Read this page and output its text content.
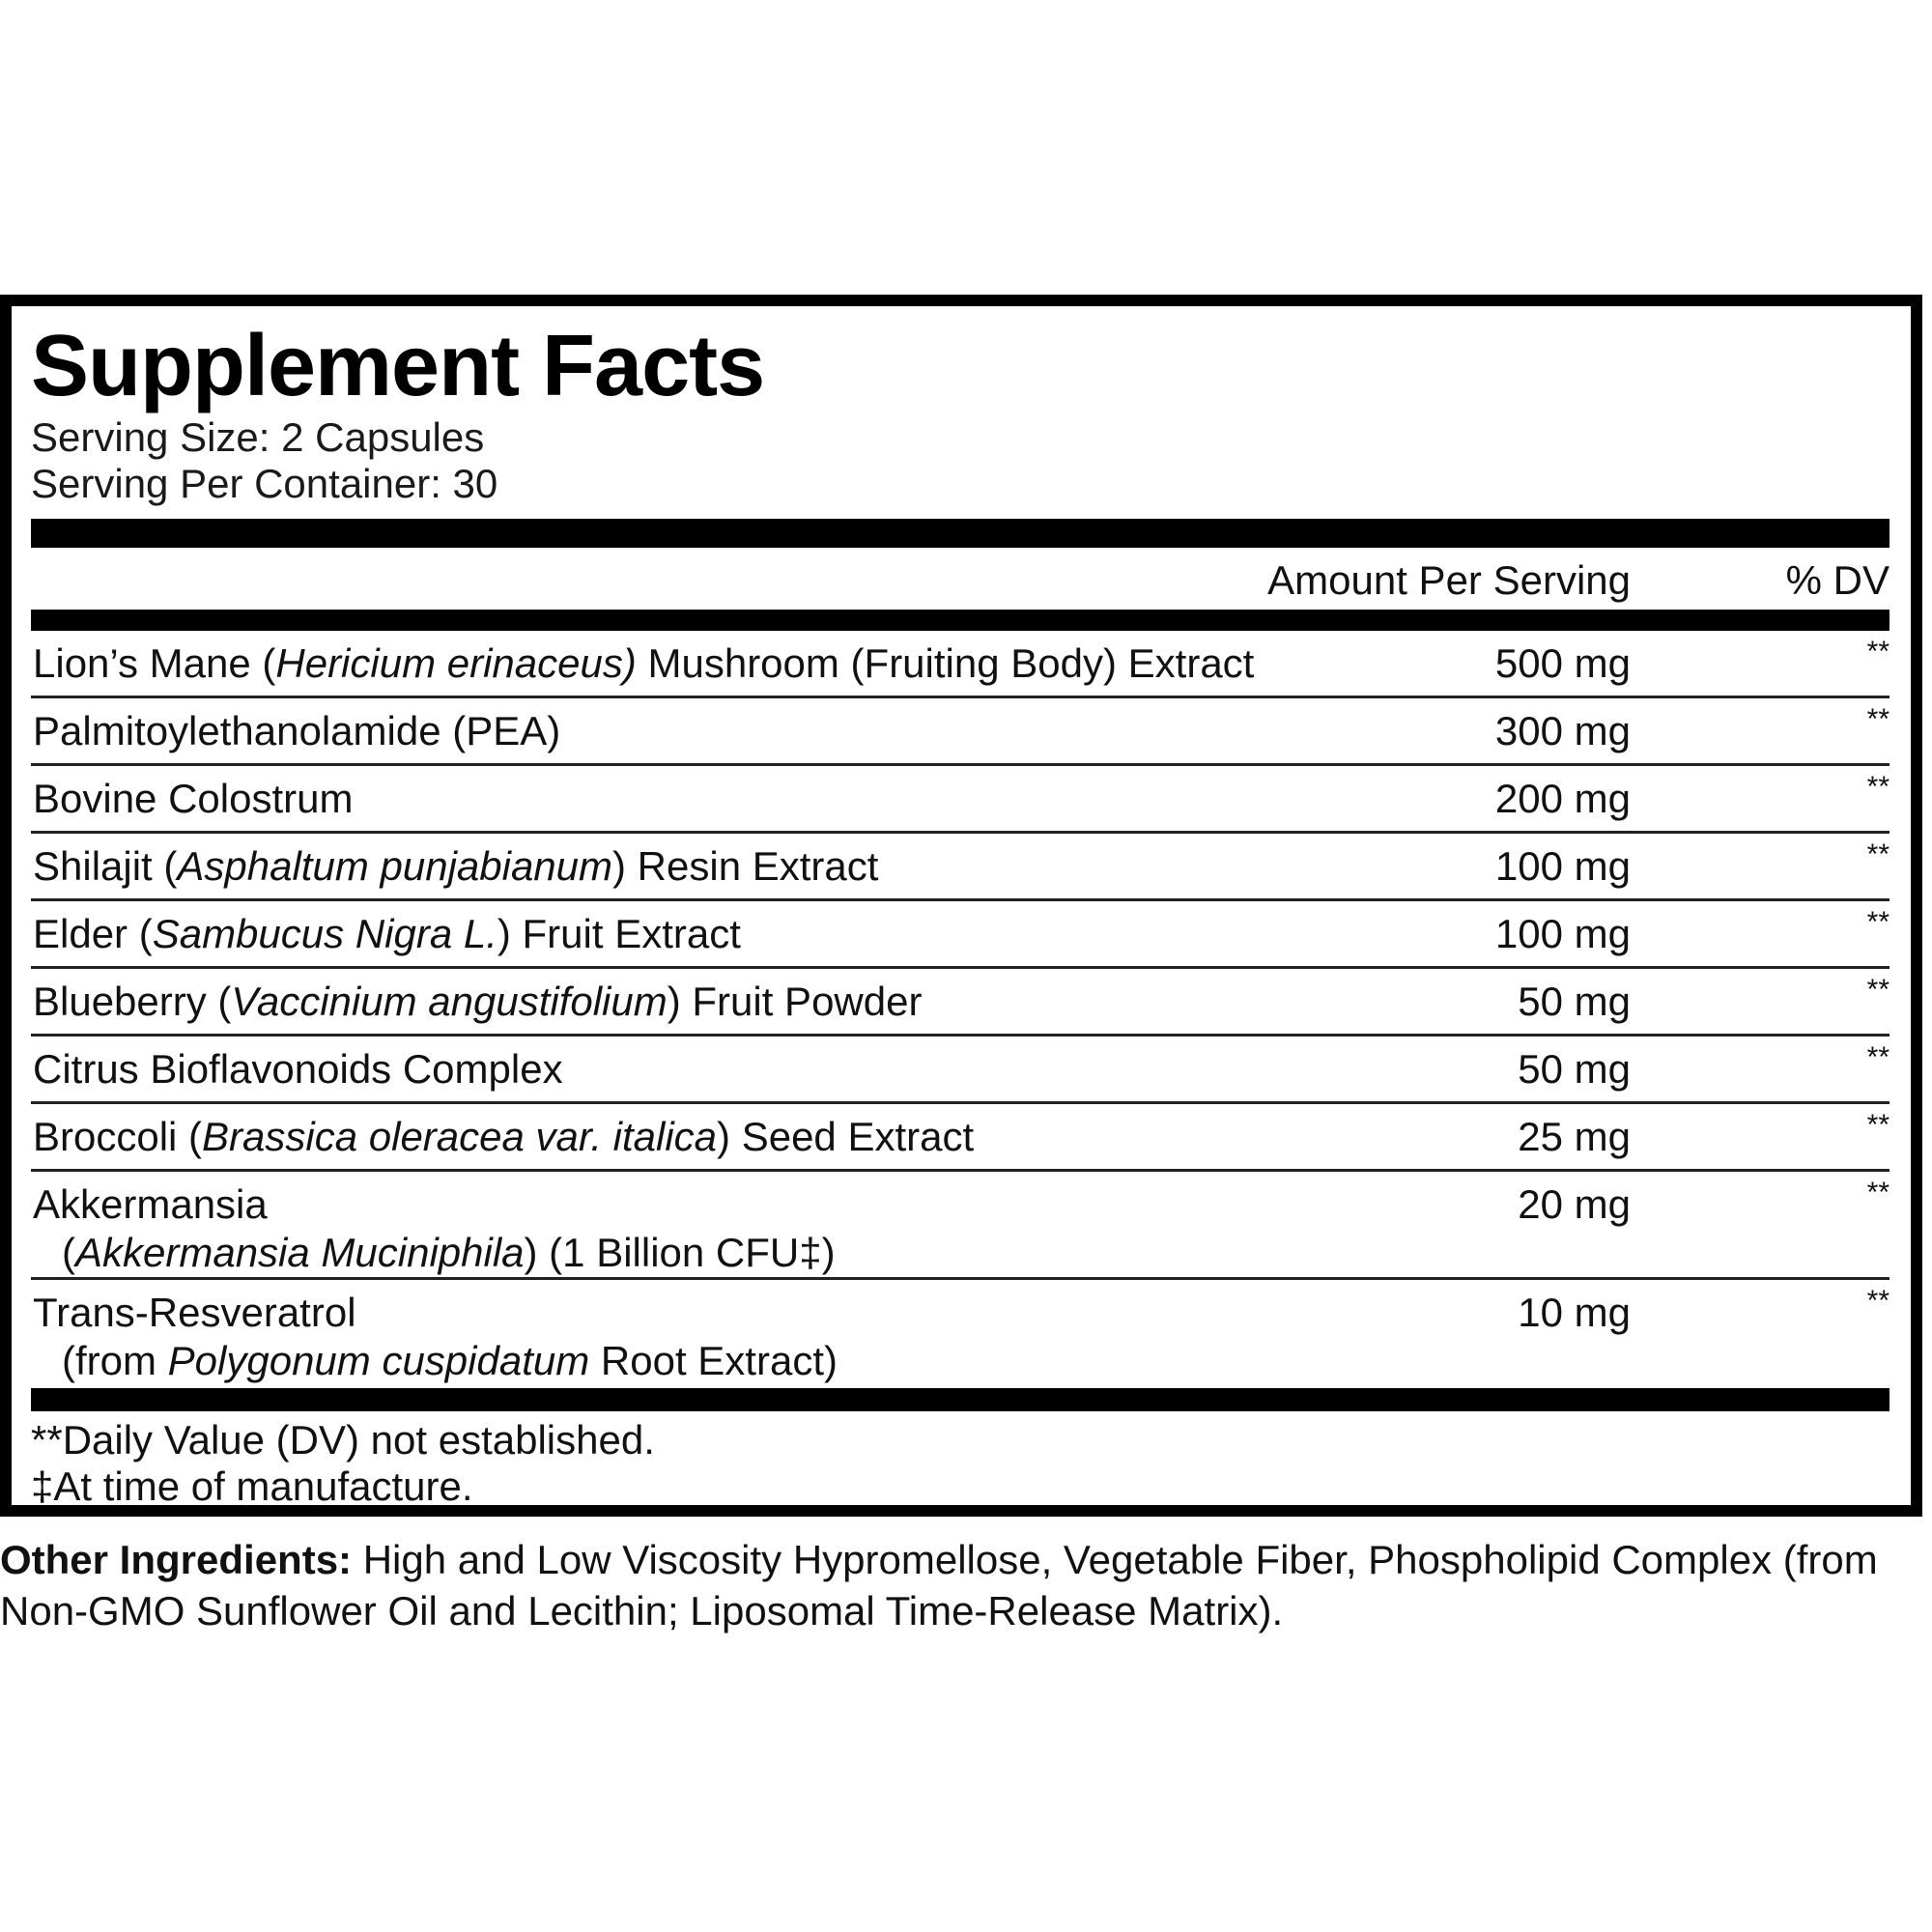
Supplement Facts
Serving Size: 2 Capsules
Serving Per Container: 30
Amount Per Serving	% DV
Lion’s Mane (Hericium erinaceus) Mushroom (Fruiting Body) Extract	500 mg	**
Palmitoylethanolamide (PEA)	300 mg	**
Bovine Colostrum	200 mg	**
Shilajit (Asphaltum punjabianum) Resin Extract	100 mg	**
Elder (Sambucus Nigra L.) Fruit Extract	100 mg	**
Blueberry (Vaccinium angustifolium) Fruit Powder	50 mg	**
Citrus Bioflavonoids Complex	50 mg	**
Broccoli (Brassica oleracea var. italica) Seed Extract	25 mg	**
Akkermansia
(Akkermansia Muciniphila) (1 Billion CFU‡)
20 mg	**
Trans-Resveratrol
(from Polygonum cuspidatum Root Extract)
10 mg	**
**Daily Value (DV) not established.
‡At time of manufacture.
Other Ingredients: High and Low Viscosity Hypromellose, Vegetable Fiber, Phospholipid Complex (from Non-GMO Sunflower Oil and Lecithin; Liposomal Time-Release Matrix).
